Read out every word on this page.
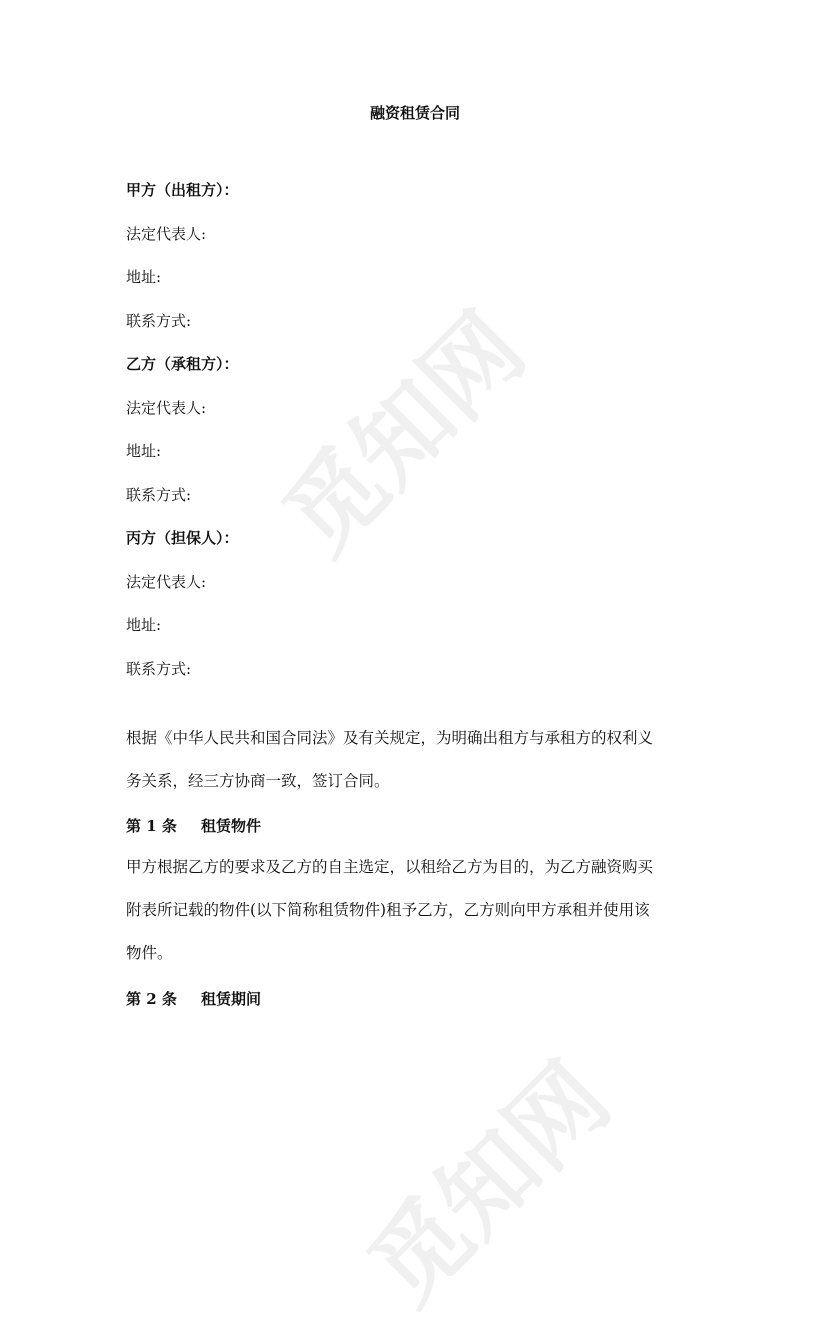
觅知网
觅知网
融资租赁合同
甲方（出租方）：
法定代表人:
地址:
联系方式:
乙方（承租方）：
法定代表人:
地址:
联系方式:
丙方（担保人）：
法定代表人:
地址:
联系方式:
根据《中华人民共和国合同法》及有关规定，为明确出租方与承租方的权利义
务关系，经三方协商一致，签订合同。
第 1 条 租赁物件
甲方根据乙方的要求及乙方的自主选定，以租给乙方为目的，为乙方融资购买
附表所记载的物件(以下简称租赁物件)租予乙方，乙方则向甲方承租并使用该
物件。
第 2 条 租赁期间
